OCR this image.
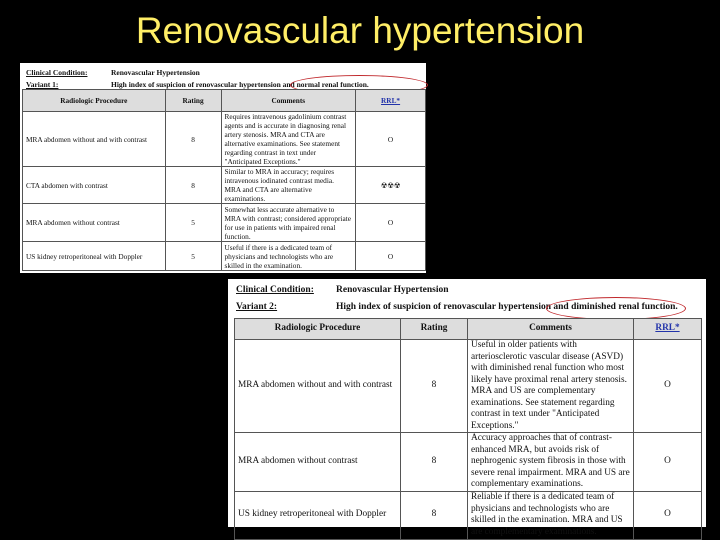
Renovascular hypertension
Clinical Condition:	Renovascular Hypertension
Variant 1:	High index of suspicion of renovascular hypertension and normal renal function.
Radiologic Procedure	Rating	Comments	RRL*
MRA abdomen without and with contrast	8	Requires intravenous gadolinium contrast agents and is accurate in diagnosing renal artery stenosis. MRA and CTA are alternative examinations. See statement regarding contrast in text under "Anticipated Exceptions."	O
CTA abdomen with contrast	8	Similar to MRA in accuracy; requires intravenous iodinated contrast media. MRA and CTA are alternative examinations.	☢☢☢
MRA abdomen without contrast	5	Somewhat less accurate alternative to MRA with contrast; considered appropriate for use in patients with impaired renal function.	O
US kidney retroperitoneal with Doppler	5	Useful if there is a dedicated team of physicians and technologists who are skilled in the examination.	O
Clinical Condition: Renovascular Hypertension
Variant 2:	High index of suspicion of renovascular hypertension and diminished renal function.
Radiologic Procedure	Rating	Comments	RRL*
MRA abdomen without and with contrast	8	Useful in older patients with arteriosclerotic vascular disease (ASVD) with diminished renal function who most likely have proximal renal artery stenosis. MRA and US are complementary examinations. See statement regarding contrast in text under "Anticipated Exceptions."	O
MRA abdomen without contrast	8	Accuracy approaches that of contrast-enhanced MRA, but avoids risk of nephrogenic system fibrosis in those with severe renal impairment. MRA and US are complementary examinations.	O
US kidney retroperitoneal with Doppler	8	Reliable if there is a dedicated team of physicians and technologists who are skilled in the examination. MRA and US are complementary examinations.	O
